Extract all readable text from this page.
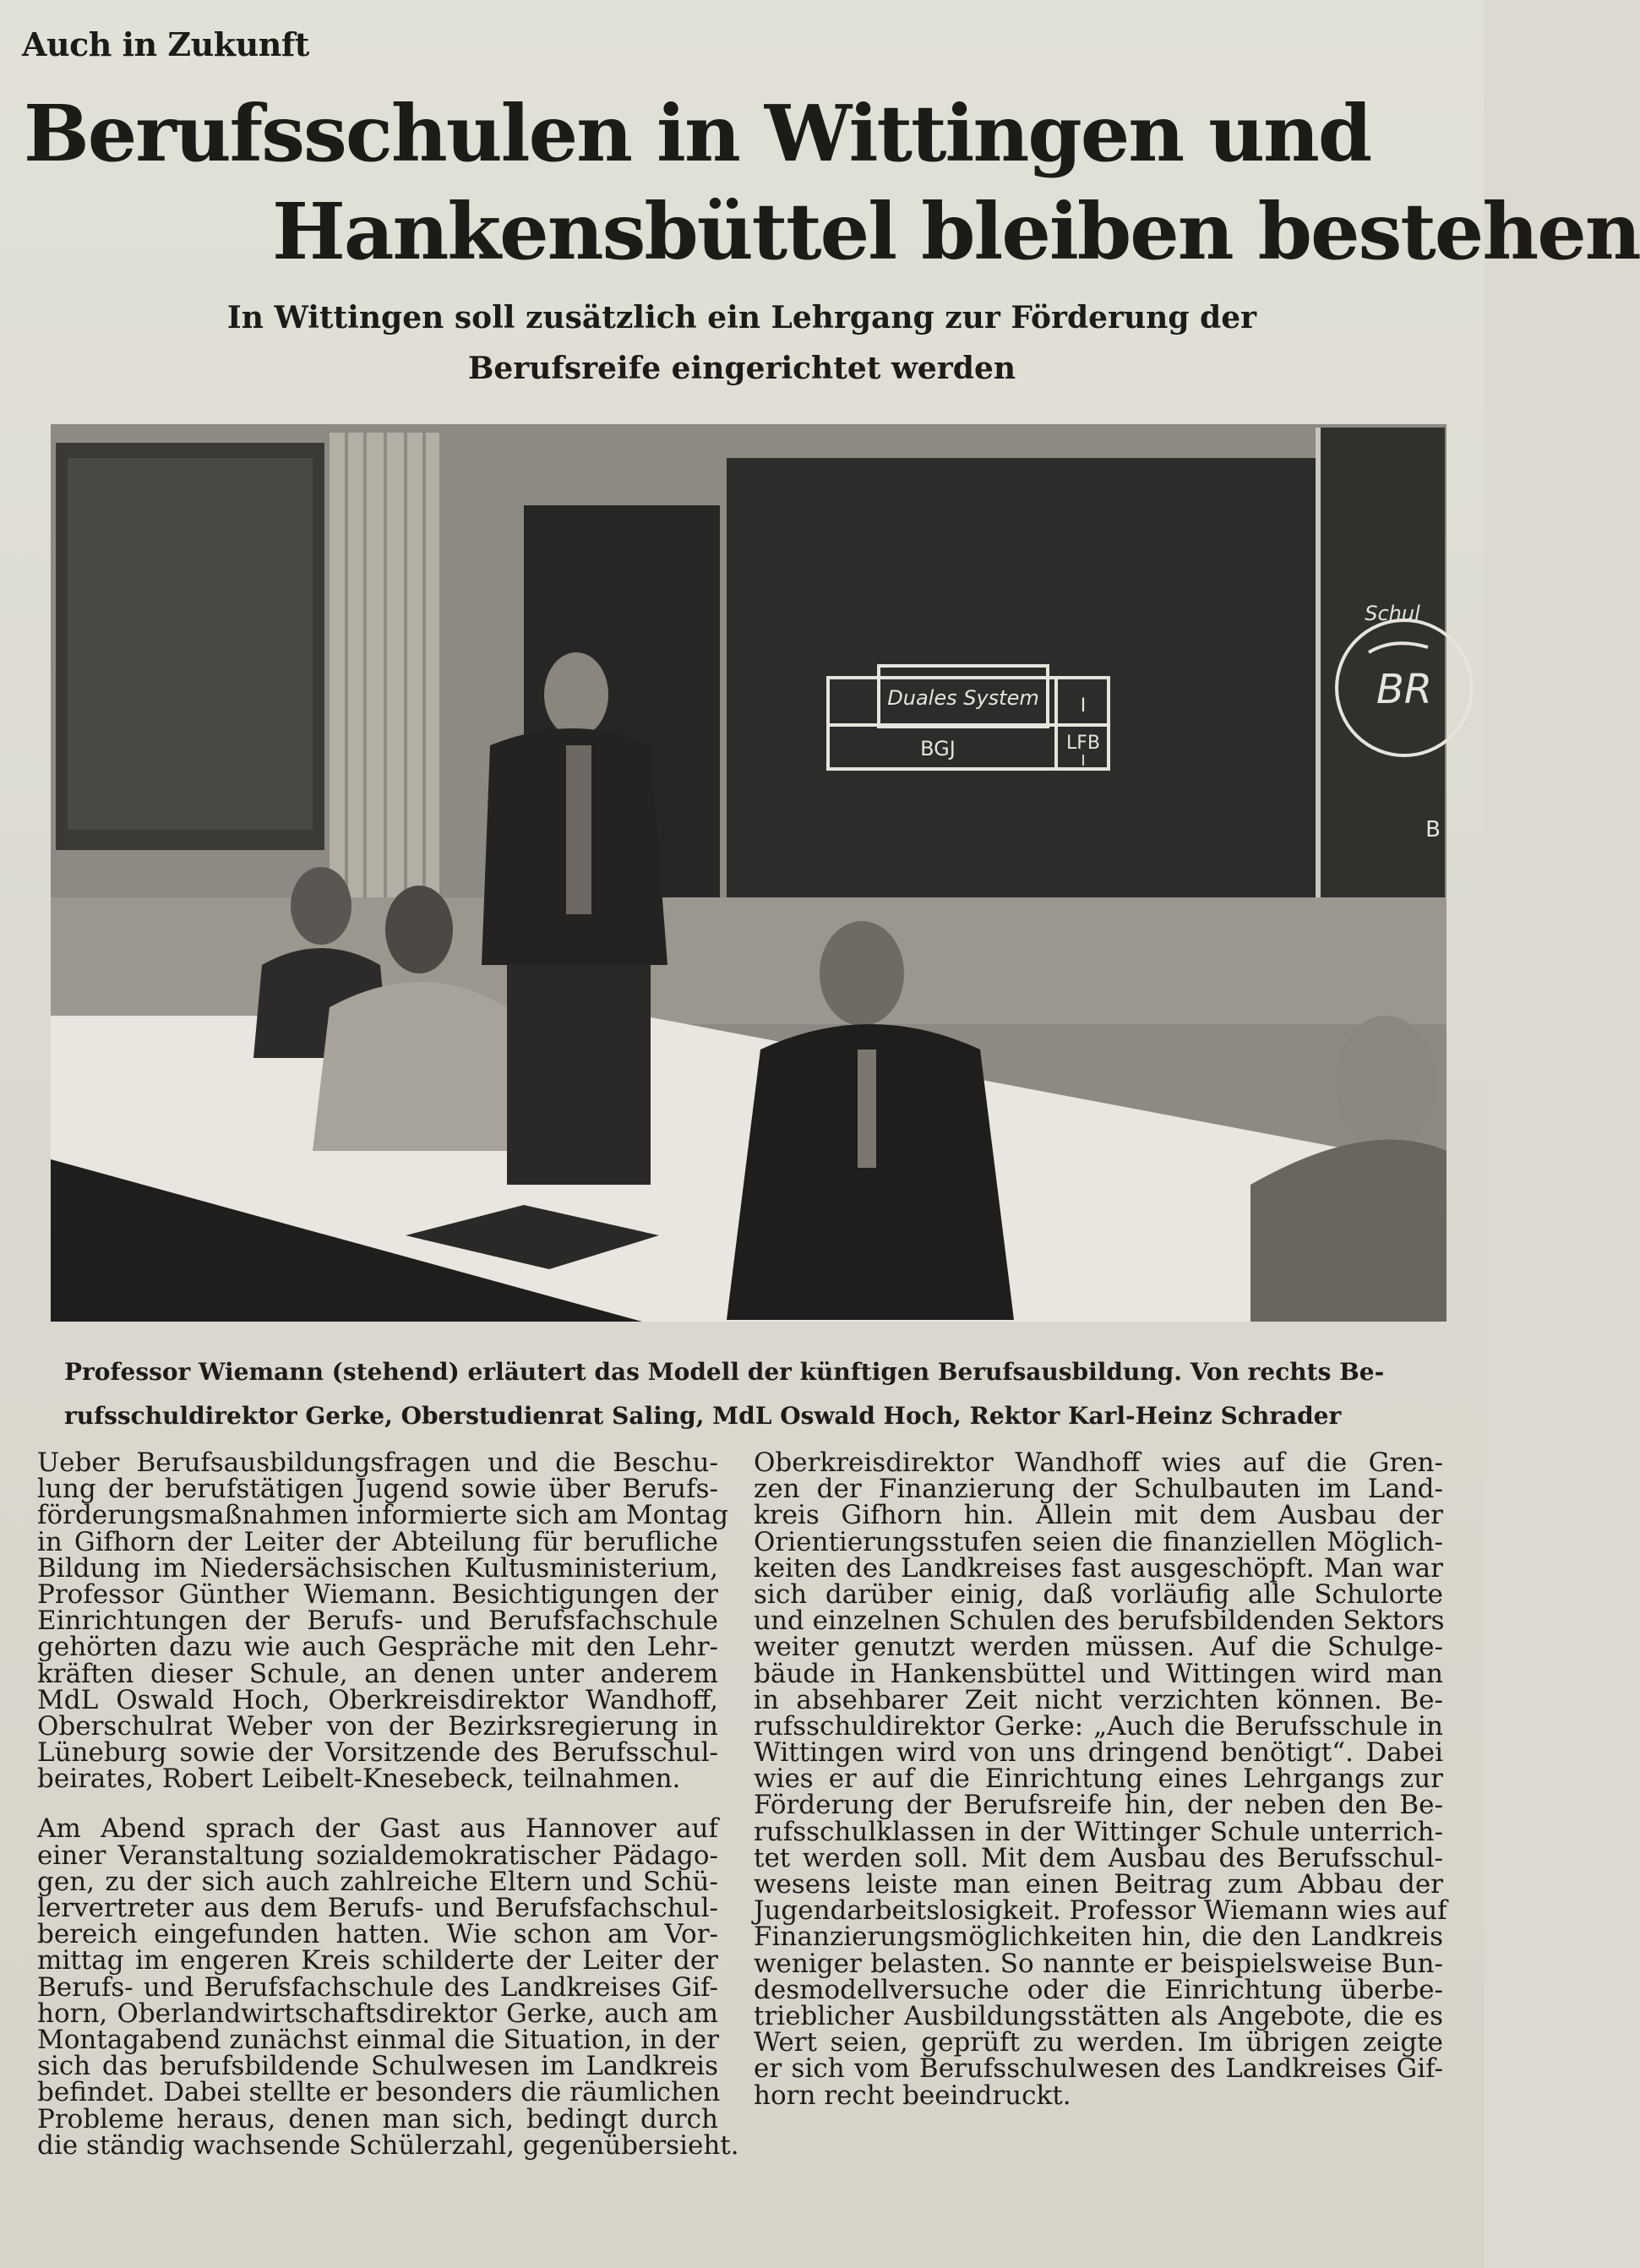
Auch in Zukunft
Berufsschulen in Wittingen und
Hankensbüttel bleiben bestehen
In Wittingen soll zusätzlich ein Lehrgang zur Förderung der
Berufsreife eingerichtet werden
Duales System
BGJ
I
LFB
I
Schul
BR
B
Professor Wiemann (stehend) erläutert das Modell der künftigen Berufsausbildung. Von rechts Be-
rufsschuldirektor Gerke, Oberstudienrat Saling, MdL Oswald Hoch, Rektor Karl-Heinz Schrader
Ueber Berufsausbildungsfragen und die Beschu-
lung der berufstätigen Jugend sowie über Berufs-
förderungsmaßnahmen informierte sich am Montag
in Gifhorn der Leiter der Abteilung für berufliche
Bildung im Niedersächsischen Kultusministerium,
Professor Günther Wiemann. Besichtigungen der
Einrichtungen der Berufs- und Berufsfachschule
gehörten dazu wie auch Gespräche mit den Lehr-
kräften dieser Schule, an denen unter anderem
MdL Oswald Hoch, Oberkreisdirektor Wandhoff,
Oberschulrat Weber von der Bezirksregierung in
Lüneburg sowie der Vorsitzende des Berufsschul-
beirates, Robert Leibelt-Knesebeck, teilnahmen.
Am Abend sprach der Gast aus Hannover auf
einer Veranstaltung sozialdemokratischer Pädago-
gen, zu der sich auch zahlreiche Eltern und Schü-
lervertreter aus dem Berufs- und Berufsfachschul-
bereich eingefunden hatten. Wie schon am Vor-
mittag im engeren Kreis schilderte der Leiter der
Berufs- und Berufsfachschule des Landkreises Gif-
horn, Oberlandwirtschaftsdirektor Gerke, auch am
Montagabend zunächst einmal die Situation, in der
sich das berufsbildende Schulwesen im Landkreis
befindet. Dabei stellte er besonders die räumlichen
Probleme heraus, denen man sich, bedingt durch
die ständig wachsende Schülerzahl, gegenübersieht.
Oberkreisdirektor Wandhoff wies auf die Gren-
zen der Finanzierung der Schulbauten im Land-
kreis Gifhorn hin. Allein mit dem Ausbau der
Orientierungsstufen seien die finanziellen Möglich-
keiten des Landkreises fast ausgeschöpft. Man war
sich darüber einig, daß vorläufig alle Schulorte
und einzelnen Schulen des berufsbildenden Sektors
weiter genutzt werden müssen. Auf die Schulge-
bäude in Hankensbüttel und Wittingen wird man
in absehbarer Zeit nicht verzichten können. Be-
rufsschuldirektor Gerke: „Auch die Berufsschule in
Wittingen wird von uns dringend benötigt“. Dabei
wies er auf die Einrichtung eines Lehrgangs zur
Förderung der Berufsreife hin, der neben den Be-
rufsschulklassen in der Wittinger Schule unterrich-
tet werden soll. Mit dem Ausbau des Berufsschul-
wesens leiste man einen Beitrag zum Abbau der
Jugendarbeitslosigkeit. Professor Wiemann wies auf
Finanzierungsmöglichkeiten hin, die den Landkreis
weniger belasten. So nannte er beispielsweise Bun-
desmodellversuche oder die Einrichtung überbe-
trieblicher Ausbildungsstätten als Angebote, die es
Wert seien, geprüft zu werden. Im übrigen zeigte
er sich vom Berufsschulwesen des Landkreises Gif-
horn recht beeindruckt.
